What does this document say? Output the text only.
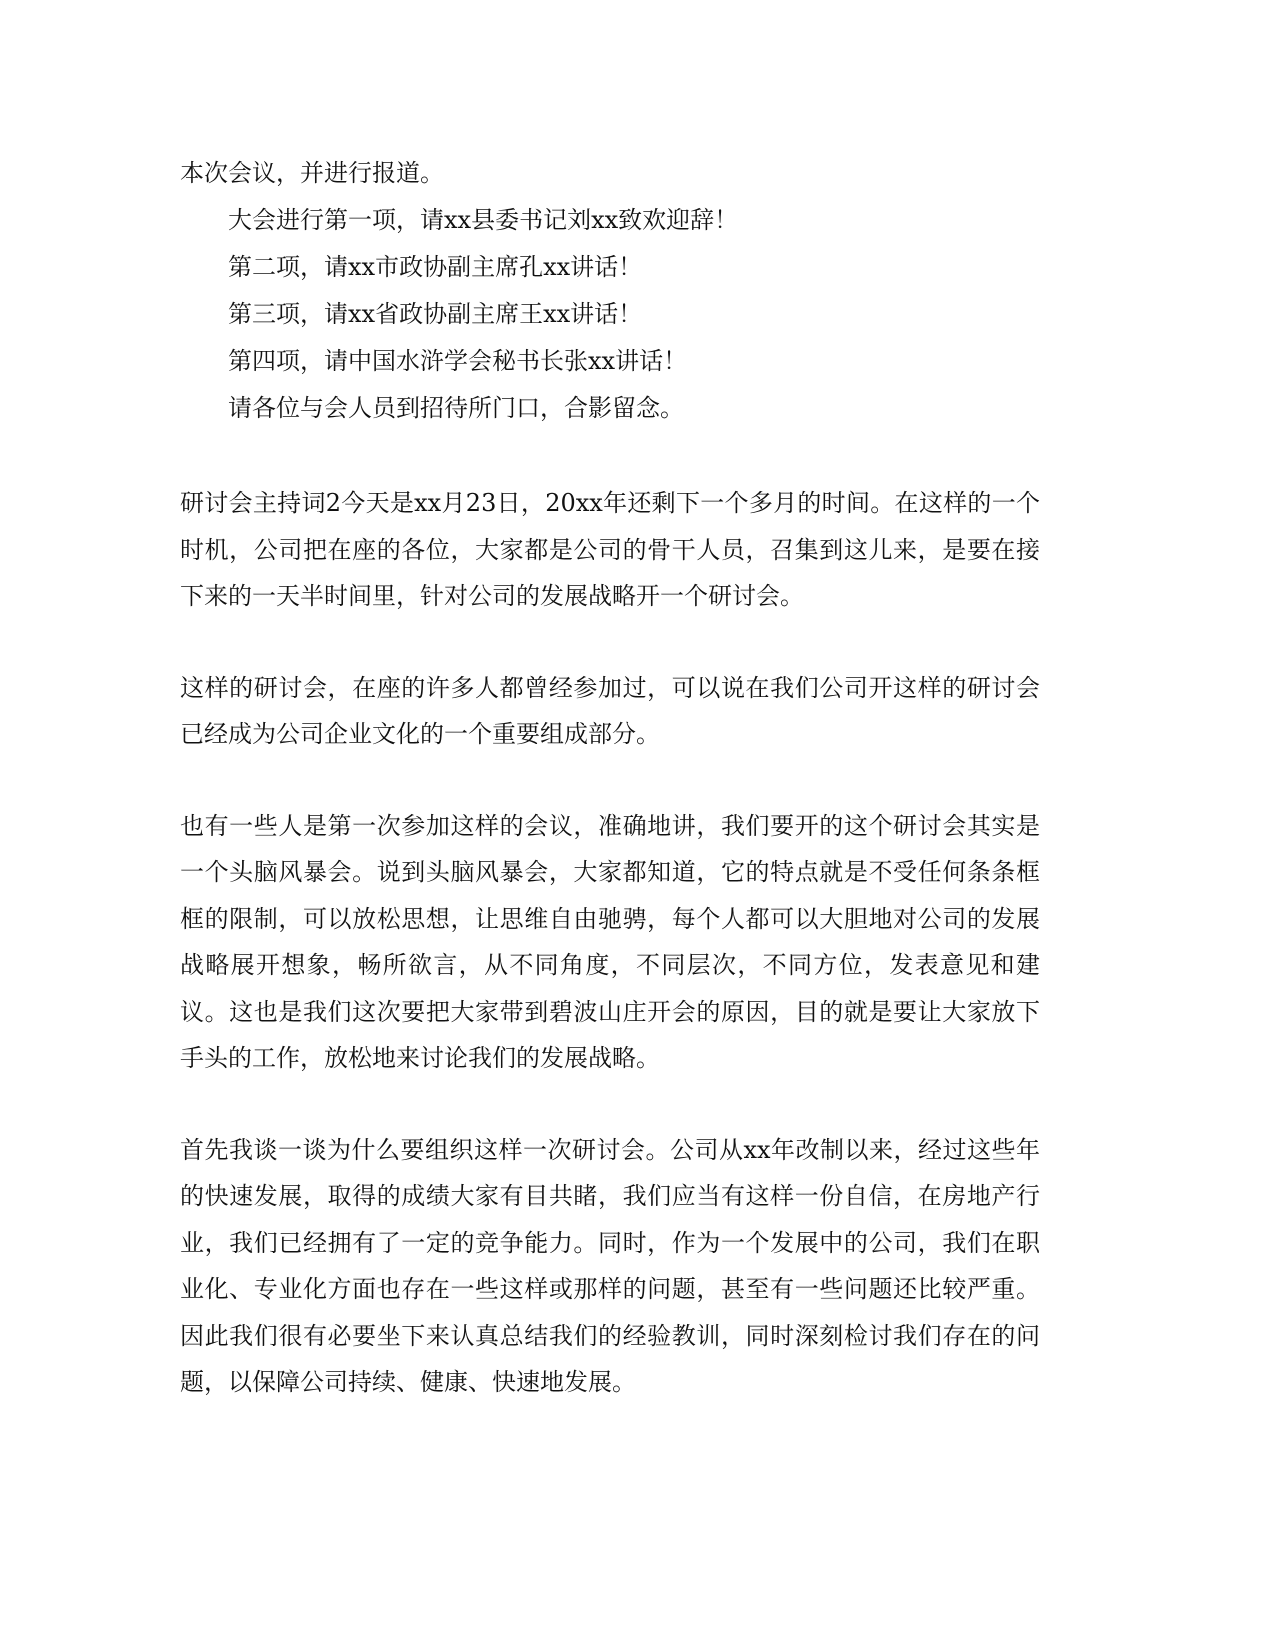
本次会议，并进行报道。
大会进行第一项，请xx县委书记刘xx致欢迎辞！
第二项，请xx市政协副主席孔xx讲话！
第三项，请xx省政协副主席王xx讲话！
第四项，请中国水浒学会秘书长张xx讲话！
请各位与会人员到招待所门口，合影留念。

研讨会主持词2今天是xx月23日，20xx年还剩下一个多月的时间。在这样的一个时机，公司把在座的各位，大家都是公司的骨干人员，召集到这儿来，是要在接下来的一天半时间里，针对公司的发展战略开一个研讨会。

这样的研讨会，在座的许多人都曾经参加过，可以说在我们公司开这样的研讨会已经成为公司企业文化的一个重要组成部分。

也有一些人是第一次参加这样的会议，准确地讲，我们要开的这个研讨会其实是一个头脑风暴会。说到头脑风暴会，大家都知道，它的特点就是不受任何条条框框的限制，可以放松思想，让思维自由驰骋，每个人都可以大胆地对公司的发展战略展开想象，畅所欲言，从不同角度，不同层次，不同方位，发表意见和建议。这也是我们这次要把大家带到碧波山庄开会的原因，目的就是要让大家放下手头的工作，放松地来讨论我们的发展战略。

首先我谈一谈为什么要组织这样一次研讨会。公司从xx年改制以来，经过这些年的快速发展，取得的成绩大家有目共睹，我们应当有这样一份自信，在房地产行业，我们已经拥有了一定的竞争能力。同时，作为一个发展中的公司，我们在职业化、专业化方面也存在一些这样或那样的问题，甚至有一些问题还比较严重。因此我们很有必要坐下来认真总结我们的经验教训，同时深刻检讨我们存在的问题，以保障公司持续、健康、快速地发展。
